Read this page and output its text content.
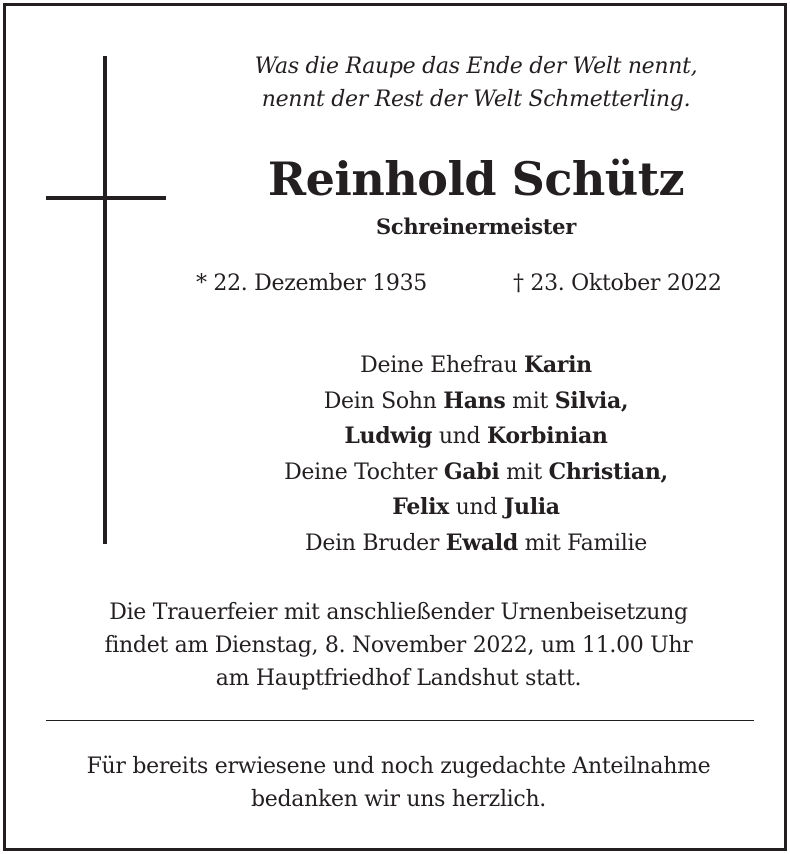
Was die Raupe das Ende der Welt nennt,
nennt der Rest der Welt Schmetterling.
Reinhold Schütz
Schreinermeister
* 22. Dezember 1935	† 23. Oktober 2022
Deine Ehefrau Karin
Dein Sohn Hans mit Silvia,
Ludwig und Korbinian
Deine Tochter Gabi mit Christian,
Felix und Julia
Dein Bruder Ewald mit Familie
Die Trauerfeier mit anschließender Urnenbeisetzung
findet am Dienstag, 8. November 2022, um 11.00 Uhr
am Hauptfriedhof Landshut statt.
Für bereits erwiesene und noch zugedachte Anteilnahme
bedanken wir uns herzlich.
